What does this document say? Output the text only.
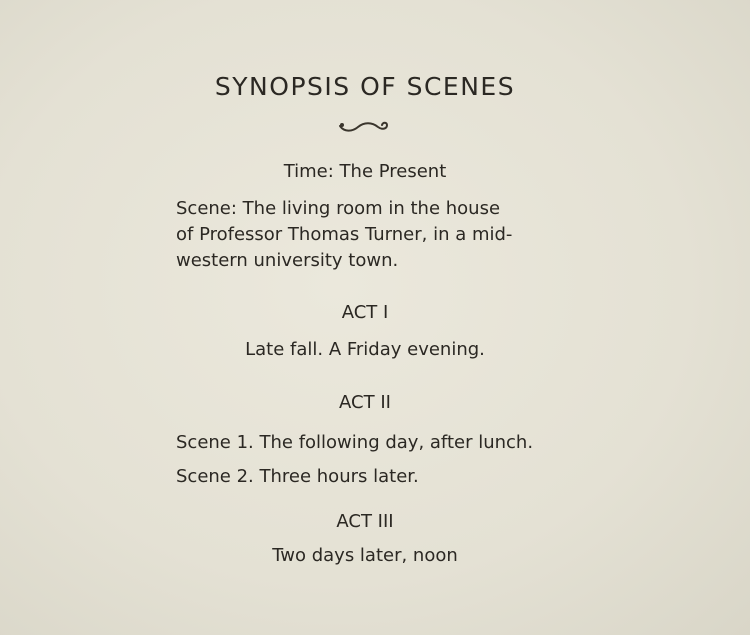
SYNOPSIS OF SCENES
Time: The Present
Scene: The living room in the house
of Professor Thomas Turner, in a mid-
western university town.
ACT I
Late fall. A Friday evening.
ACT II
Scene 1. The following day, after lunch.
Scene 2. Three hours later.
ACT III
Two days later, noon
